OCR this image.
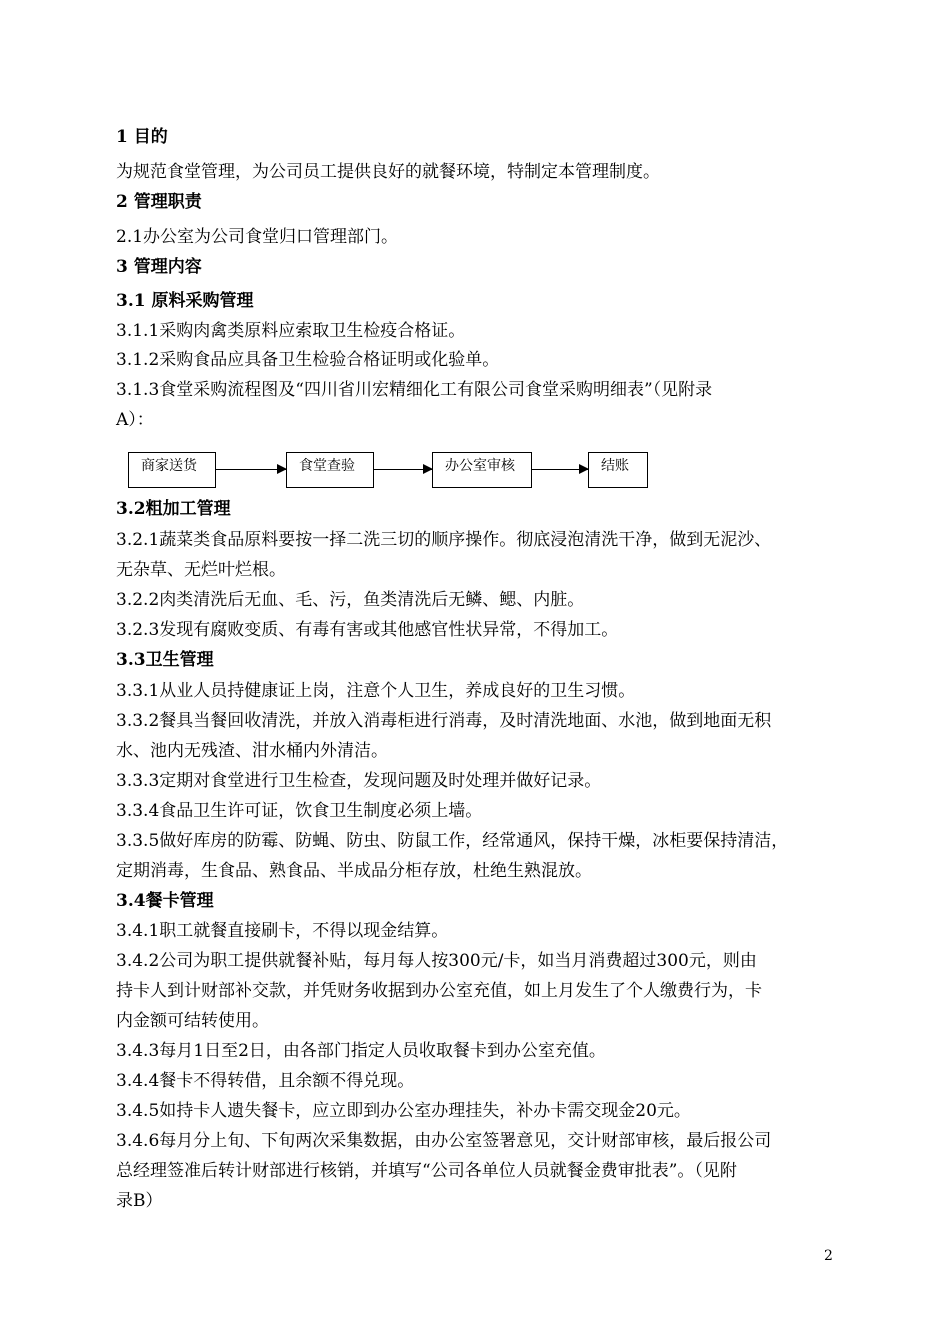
1 目的
为规范食堂管理，为公司员工提供良好的就餐环境，特制定本管理制度。
2 管理职责
2.1办公室为公司食堂归口管理部门。
3 管理内容
3.1 原料采购管理
3.1.1采购肉禽类原料应索取卫生检疫合格证。
3.1.2采购食品应具备卫生检验合格证明或化验单。
3.1.3食堂采购流程图及“四川省川宏精细化工有限公司食堂采购明细表”（见附录
A）：
3.2粗加工管理
3.2.1蔬菜类食品原料要按一择二洗三切的顺序操作。彻底浸泡清洗干净，做到无泥沙、
无杂草、无烂叶烂根。
3.2.2肉类清洗后无血、毛、污，鱼类清洗后无鳞、鳃、内脏。
3.2.3发现有腐败变质、有毒有害或其他感官性状异常，不得加工。
3.3卫生管理
3.3.1从业人员持健康证上岗，注意个人卫生，养成良好的卫生习惯。
3.3.2餐具当餐回收清洗，并放入消毒柜进行消毒，及时清洗地面、水池，做到地面无积
水、池内无残渣、泔水桶内外清洁。
3.3.3定期对食堂进行卫生检查，发现问题及时处理并做好记录。
3.3.4食品卫生许可证，饮食卫生制度必须上墙。
3.3.5做好库房的防霉、防蝇、防虫、防鼠工作，经常通风，保持干燥，冰柜要保持清洁，
定期消毒，生食品、熟食品、半成品分柜存放，杜绝生熟混放。
3.4餐卡管理
3.4.1职工就餐直接刷卡，不得以现金结算。
3.4.2公司为职工提供就餐补贴，每月每人按300元/卡，如当月消费超过300元，则由
持卡人到计财部补交款，并凭财务收据到办公室充值，如上月发生了个人缴费行为，卡
内金额可结转使用。
3.4.3每月1日至2日，由各部门指定人员收取餐卡到办公室充值。
3.4.4餐卡不得转借，且余额不得兑现。
3.4.5如持卡人遗失餐卡，应立即到办公室办理挂失，补办卡需交现金20元。
3.4.6每月分上旬、下旬两次采集数据，由办公室签署意见，交计财部审核，最后报公司
总经理签准后转计财部进行核销，并填写“公司各单位人员就餐金费审批表”。（见附
录B）
商家送货	食堂查验	办公室审核	结账
2
